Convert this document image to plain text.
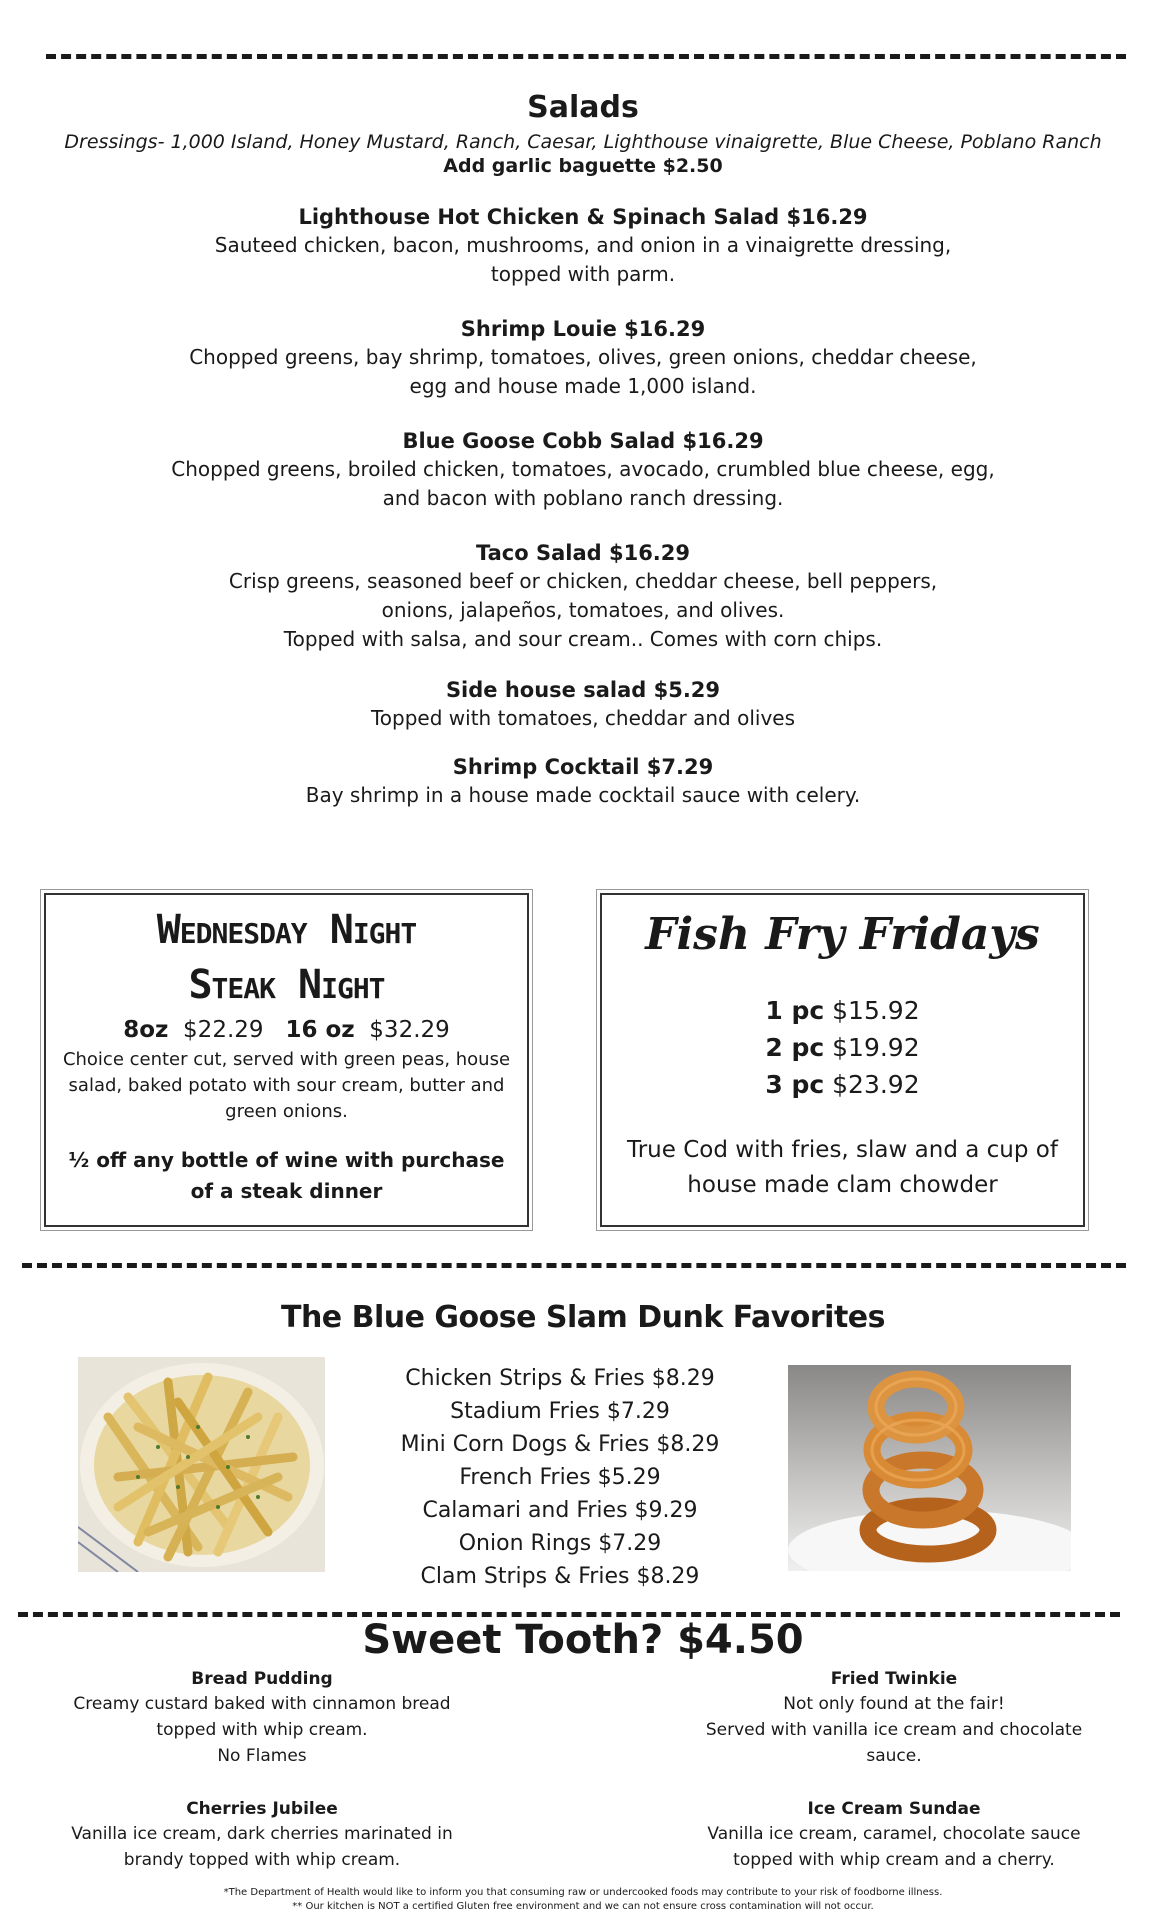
Salads

Dressings- 1,000 Island, Honey Mustard, Ranch, Caesar, Lighthouse vinaigrette, Blue Cheese, Poblano Ranch

Add garlic baguette $2.50

Lighthouse Hot Chicken & Spinach Salad $16.29

Sauteed chicken, bacon, mushrooms, and onion in a vinaigrette dressing,
topped with parm.

Shrimp Louie $16.29

Chopped greens, bay shrimp, tomatoes, olives, green onions, cheddar cheese,
egg and house made 1,000 island.

Blue Goose Cobb Salad $16.29

Chopped greens, broiled chicken, tomatoes, avocado, crumbled blue cheese, egg,
and bacon with poblano ranch dressing.

Taco Salad $16.29

Crisp greens, seasoned beef or chicken, cheddar cheese, bell peppers,
onions, jalapeños, tomatoes, and olives.
Topped with salsa, and sour cream.. Comes with corn chips.

Side house salad $5.29

Topped with tomatoes, cheddar and olives

Shrimp Cocktail $7.29

Bay shrimp in a house made cocktail sauce with celery.

Wednesday Night
Steak Night
8oz $22.29 16 oz $32.29

Choice center cut, served with green peas, house salad, baked potato with sour cream, butter and green onions.

½ off any bottle of wine with purchase of a steak dinner

Fish Fry Fridays
1 pc $15.92
2 pc $19.92
3 pc $23.92

True Cod with fries, slaw and a cup of house made clam chowder

The Blue Goose Slam Dunk Favorites
Chicken Strips & Fries $8.29
Stadium Fries $7.29
Mini Corn Dogs & Fries $8.29
French Fries $5.29
Calamari and Fries $9.29
Onion Rings $7.29
Clam Strips & Fries $8.29
Sweet Tooth? $4.50

Bread Pudding

Creamy custard baked with cinnamon bread
topped with whip cream.
No Flames

Fried Twinkie

Not only found at the fair!
Served with vanilla ice cream and chocolate
sauce.

Cherries Jubilee

Vanilla ice cream, dark cherries marinated in
brandy topped with whip cream.

Ice Cream Sundae

Vanilla ice cream, caramel, chocolate sauce
topped with whip cream and a cherry.

*The Department of Health would like to inform you that consuming raw or undercooked foods may contribute to your risk of foodborne illness.
** Our kitchen is NOT a certified Gluten free environment and we can not ensure cross contamination will not occur.
